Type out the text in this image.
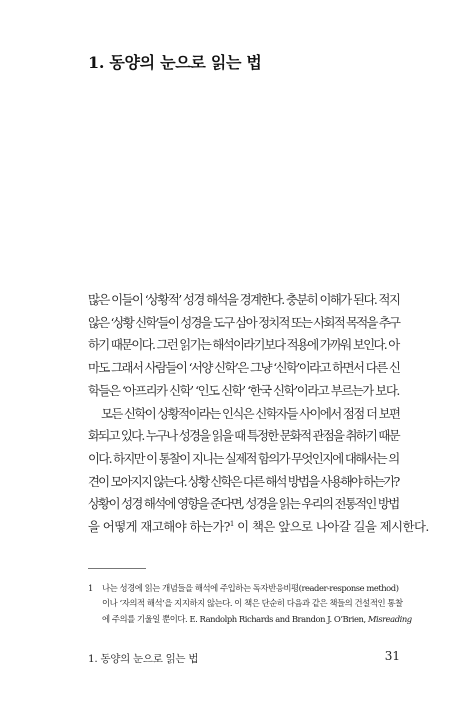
1. 동양의 눈으로 읽는 법

많은 이들이 ‘상황적’ 성경 해석을 경계한다. 충분히 이해가 된다. 적지
않은 ‘상황 신학’들이 성경을 도구 삼아 정치적 또는 사회적 목적을 추구
하기 때문이다. 그런 읽기는 해석이라기보다 적용에 가까워 보인다. 아
마도 그래서 사람들이 ‘서양 신학’은 그냥 ‘신학’이라고 하면서 다른 신
학들은 ‘아프리카 신학’ ‘인도 신학’ ‘한국 신학’이라고 부르는가 보다.

모든 신학이 상황적이라는 인식은 신학자들 사이에서 점점 더 보편
화되고 있다. 누구나 성경을 읽을 때 특정한 문화적 관점을 취하기 때문
이다. 하지만 이 통찰이 지니는 실제적 함의가 무엇인지에 대해서는 의
견이 모아지지 않는다. 상황 신학은 다른 해석 방법을 사용해야 하는가?
상황이 성경 해석에 영향을 준다면, 성경을 읽는 우리의 전통적인 방법
을 어떻게 재고해야 하는가?$^1$ 이 책은 앞으로 나아갈 길을 제시한다.

1 나는 성경에 읽는 개념들을 해석에 주입하는 독자반응비평(reader-response method)
이나 ‘자의적 해석’을 지지하지 않는다. 이 책은 단순히 다음과 같은 책들의 건설적인 통찰
에 주의를 기울일 뿐이다. E. Randolph Richards and Brandon J. O’Brien, Misreading
1. 동양의 눈으로 읽는 법	31
